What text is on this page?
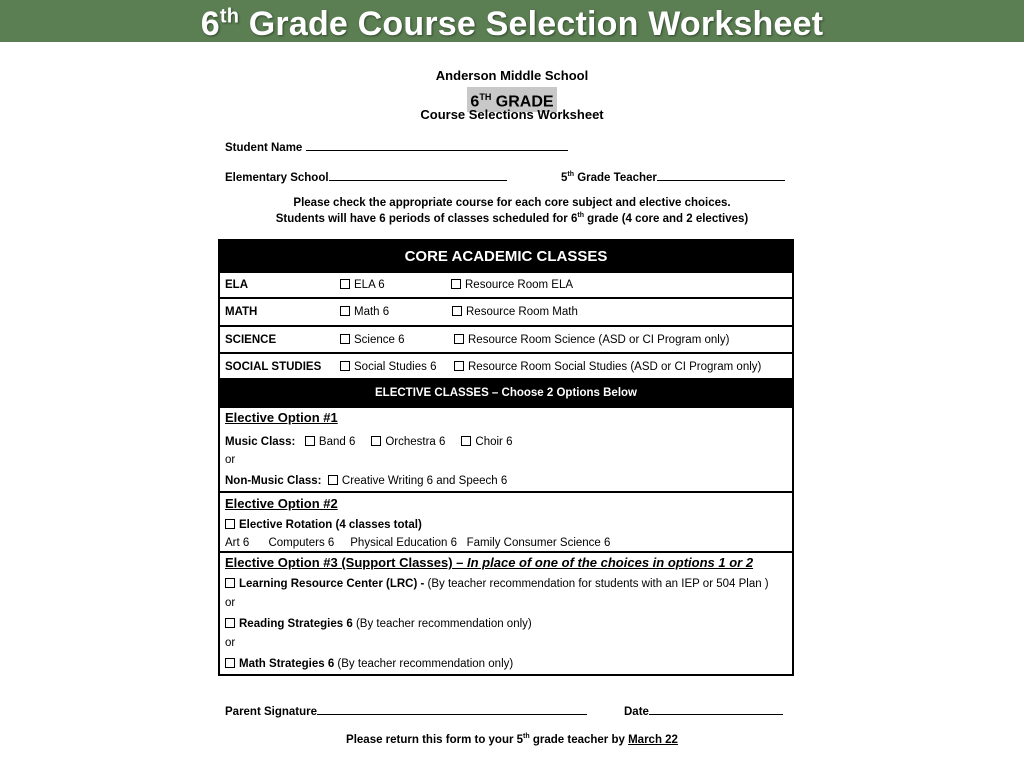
6th Grade Course Selection Worksheet
Anderson Middle School
6TH GRADE
Course Selections Worksheet
Student Name
Elementary School	5th Grade Teacher
Please check the appropriate course for each core subject and elective choices.
Students will have 6 periods of classes scheduled for 6th grade (4 core and 2 electives)
CORE ACADEMIC CLASSES
ELA	ELA 6	Resource Room ELA
MATH	Math 6	Resource Room Math
SCIENCE	Science 6	Resource Room Science (ASD or CI Program only)
SOCIAL STUDIES	Social Studies 6	Resource Room Social Studies (ASD or CI Program only)
ELECTIVE CLASSES – Choose 2 Options Below
Elective Option #1
Music Class: Band 6	Orchestra 6	Choir 6
or
Non-Music Class: Creative Writing 6 and Speech 6
Elective Option #2
Elective Rotation (4 classes total)
Art 6      Computers 6     Physical Education 6   Family Consumer Science 6
Elective Option #3 (Support Classes) – In place of one of the choices in options 1 or 2
Learning Resource Center (LRC) - (By teacher recommendation for students with an IEP or 504 Plan )
or
Reading Strategies 6 (By teacher recommendation only)
or
Math Strategies 6 (By teacher recommendation only)
Parent Signature	Date
Please return this form to your 5th grade teacher by March 22
